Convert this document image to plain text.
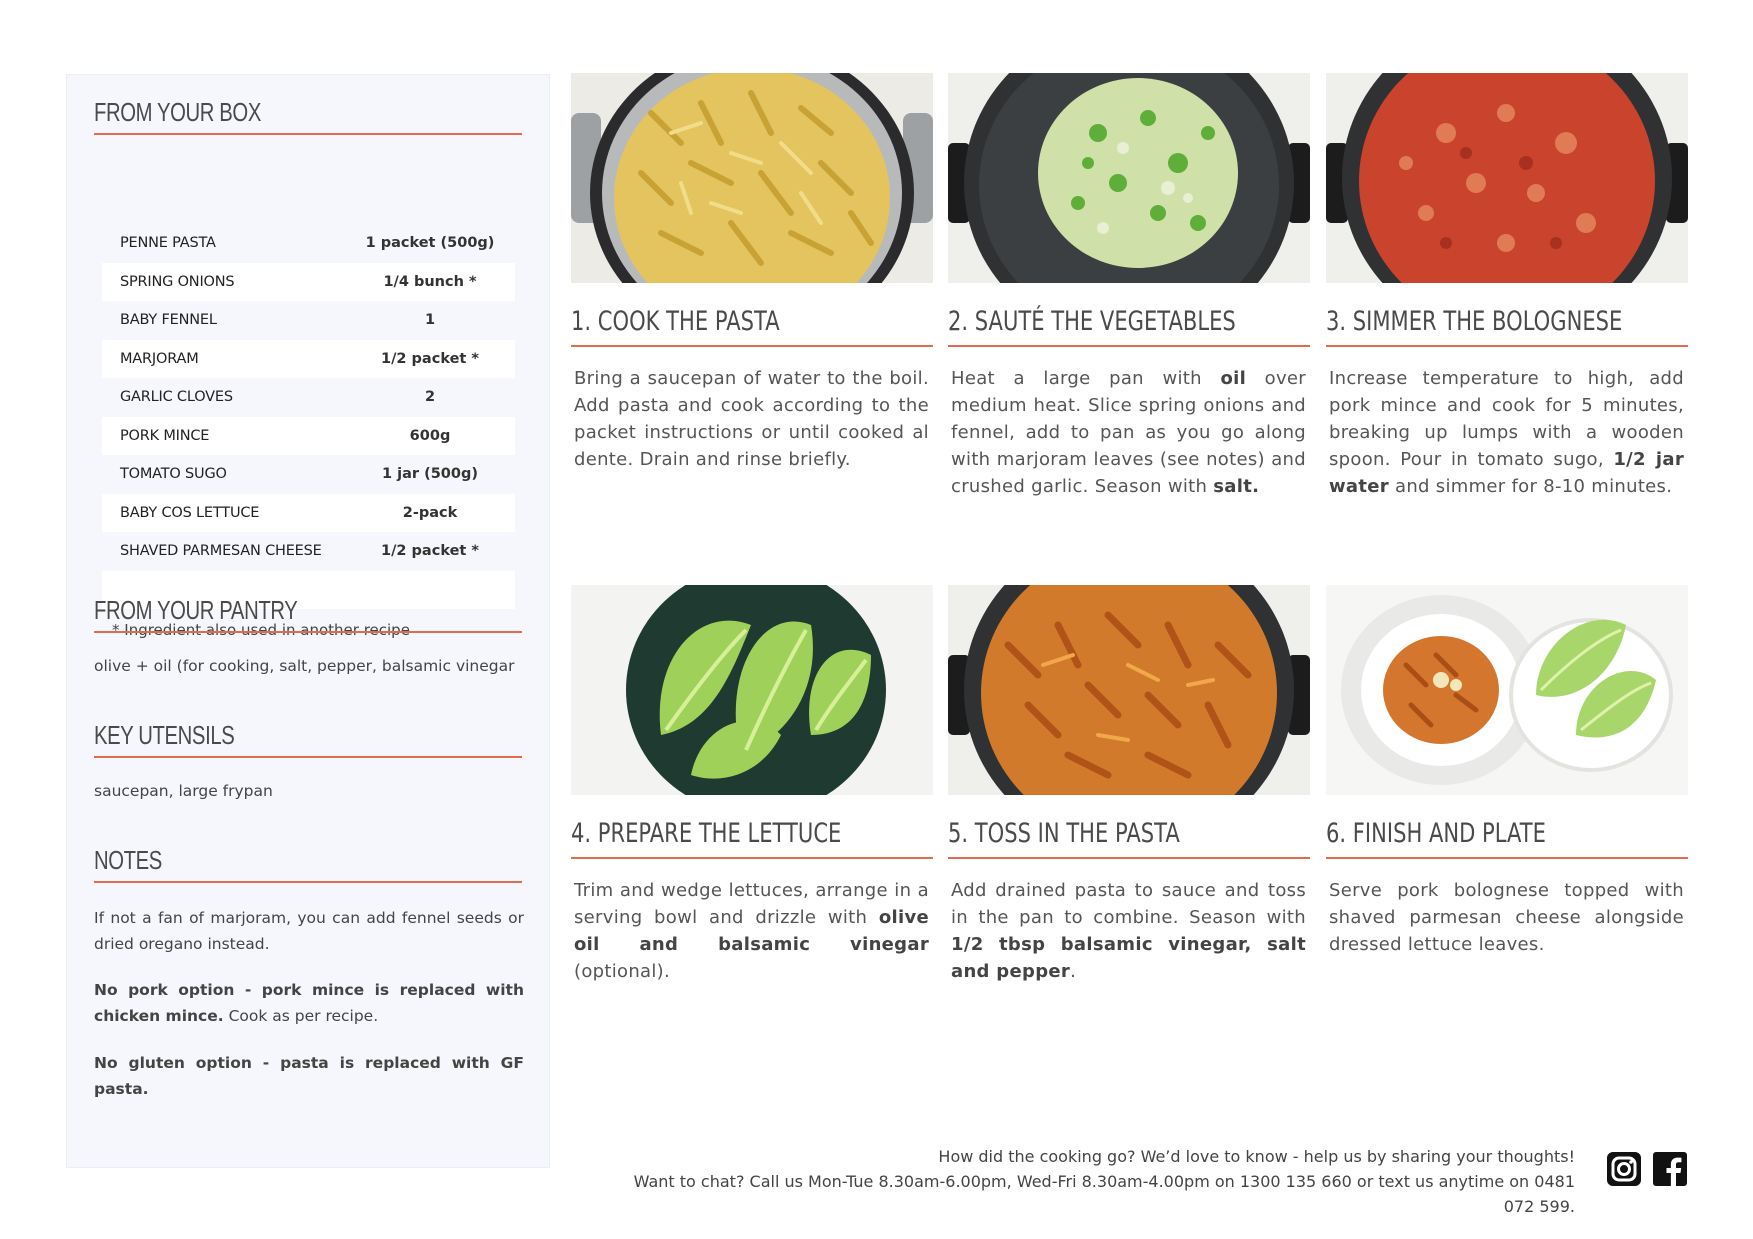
FROM YOUR BOX
PENNE PASTA	1 packet (500g)
SPRING ONIONS	1/4 bunch *
BABY FENNEL	1
MARJORAM	1/2 packet *
GARLIC CLOVES	2
PORK MINCE	600g
TOMATO SUGO	1 jar (500g)
BABY COS LETTUCE	2-pack
SHAVED PARMESAN CHEESE	1/2 packet *
* Ingredient also used in another recipe
FROM YOUR PANTRY
olive + oil (for cooking, salt, pepper, balsamic vinegar
KEY UTENSILS
saucepan, large frypan
NOTES
If not a fan of marjoram, you can add fennel seeds or dried oregano instead.
No pork option - pork mince is replaced with chicken mince. Cook as per recipe.
No gluten option - pasta is replaced with GF pasta.
1. COOK THE PASTA
Bring a saucepan of water to the boil. Add pasta and cook according to the packet instructions or until cooked al dente. Drain and rinse briefly.
2. SAUTÉ THE VEGETABLES
Heat a large pan with oil over medium heat. Slice spring onions and fennel, add to pan as you go along with marjoram leaves (see notes) and crushed garlic. Season with salt.
3. SIMMER THE BOLOGNESE
Increase temperature to high, add pork mince and cook for 5 minutes, breaking up lumps with a wooden spoon. Pour in tomato sugo, 1/2 jar water and simmer for 8-10 minutes.
4. PREPARE THE LETTUCE
Trim and wedge lettuces, arrange in a serving bowl and drizzle with olive oil and balsamic vinegar (optional).
5. TOSS IN THE PASTA
Add drained pasta to sauce and toss in the pan to combine. Season with 1/2 tbsp balsamic vinegar, salt and pepper.
6. FINISH AND PLATE
Serve pork bolognese topped with shaved parmesan cheese alongside dressed lettuce leaves.
How did the cooking go? We’d love to know - help us by sharing your thoughts!
Want to chat? Call us Mon-Tue 8.30am-6.00pm, Wed-Fri 8.30am-4.00pm on 1300 135 660 or text us anytime on 0481 072 599.
